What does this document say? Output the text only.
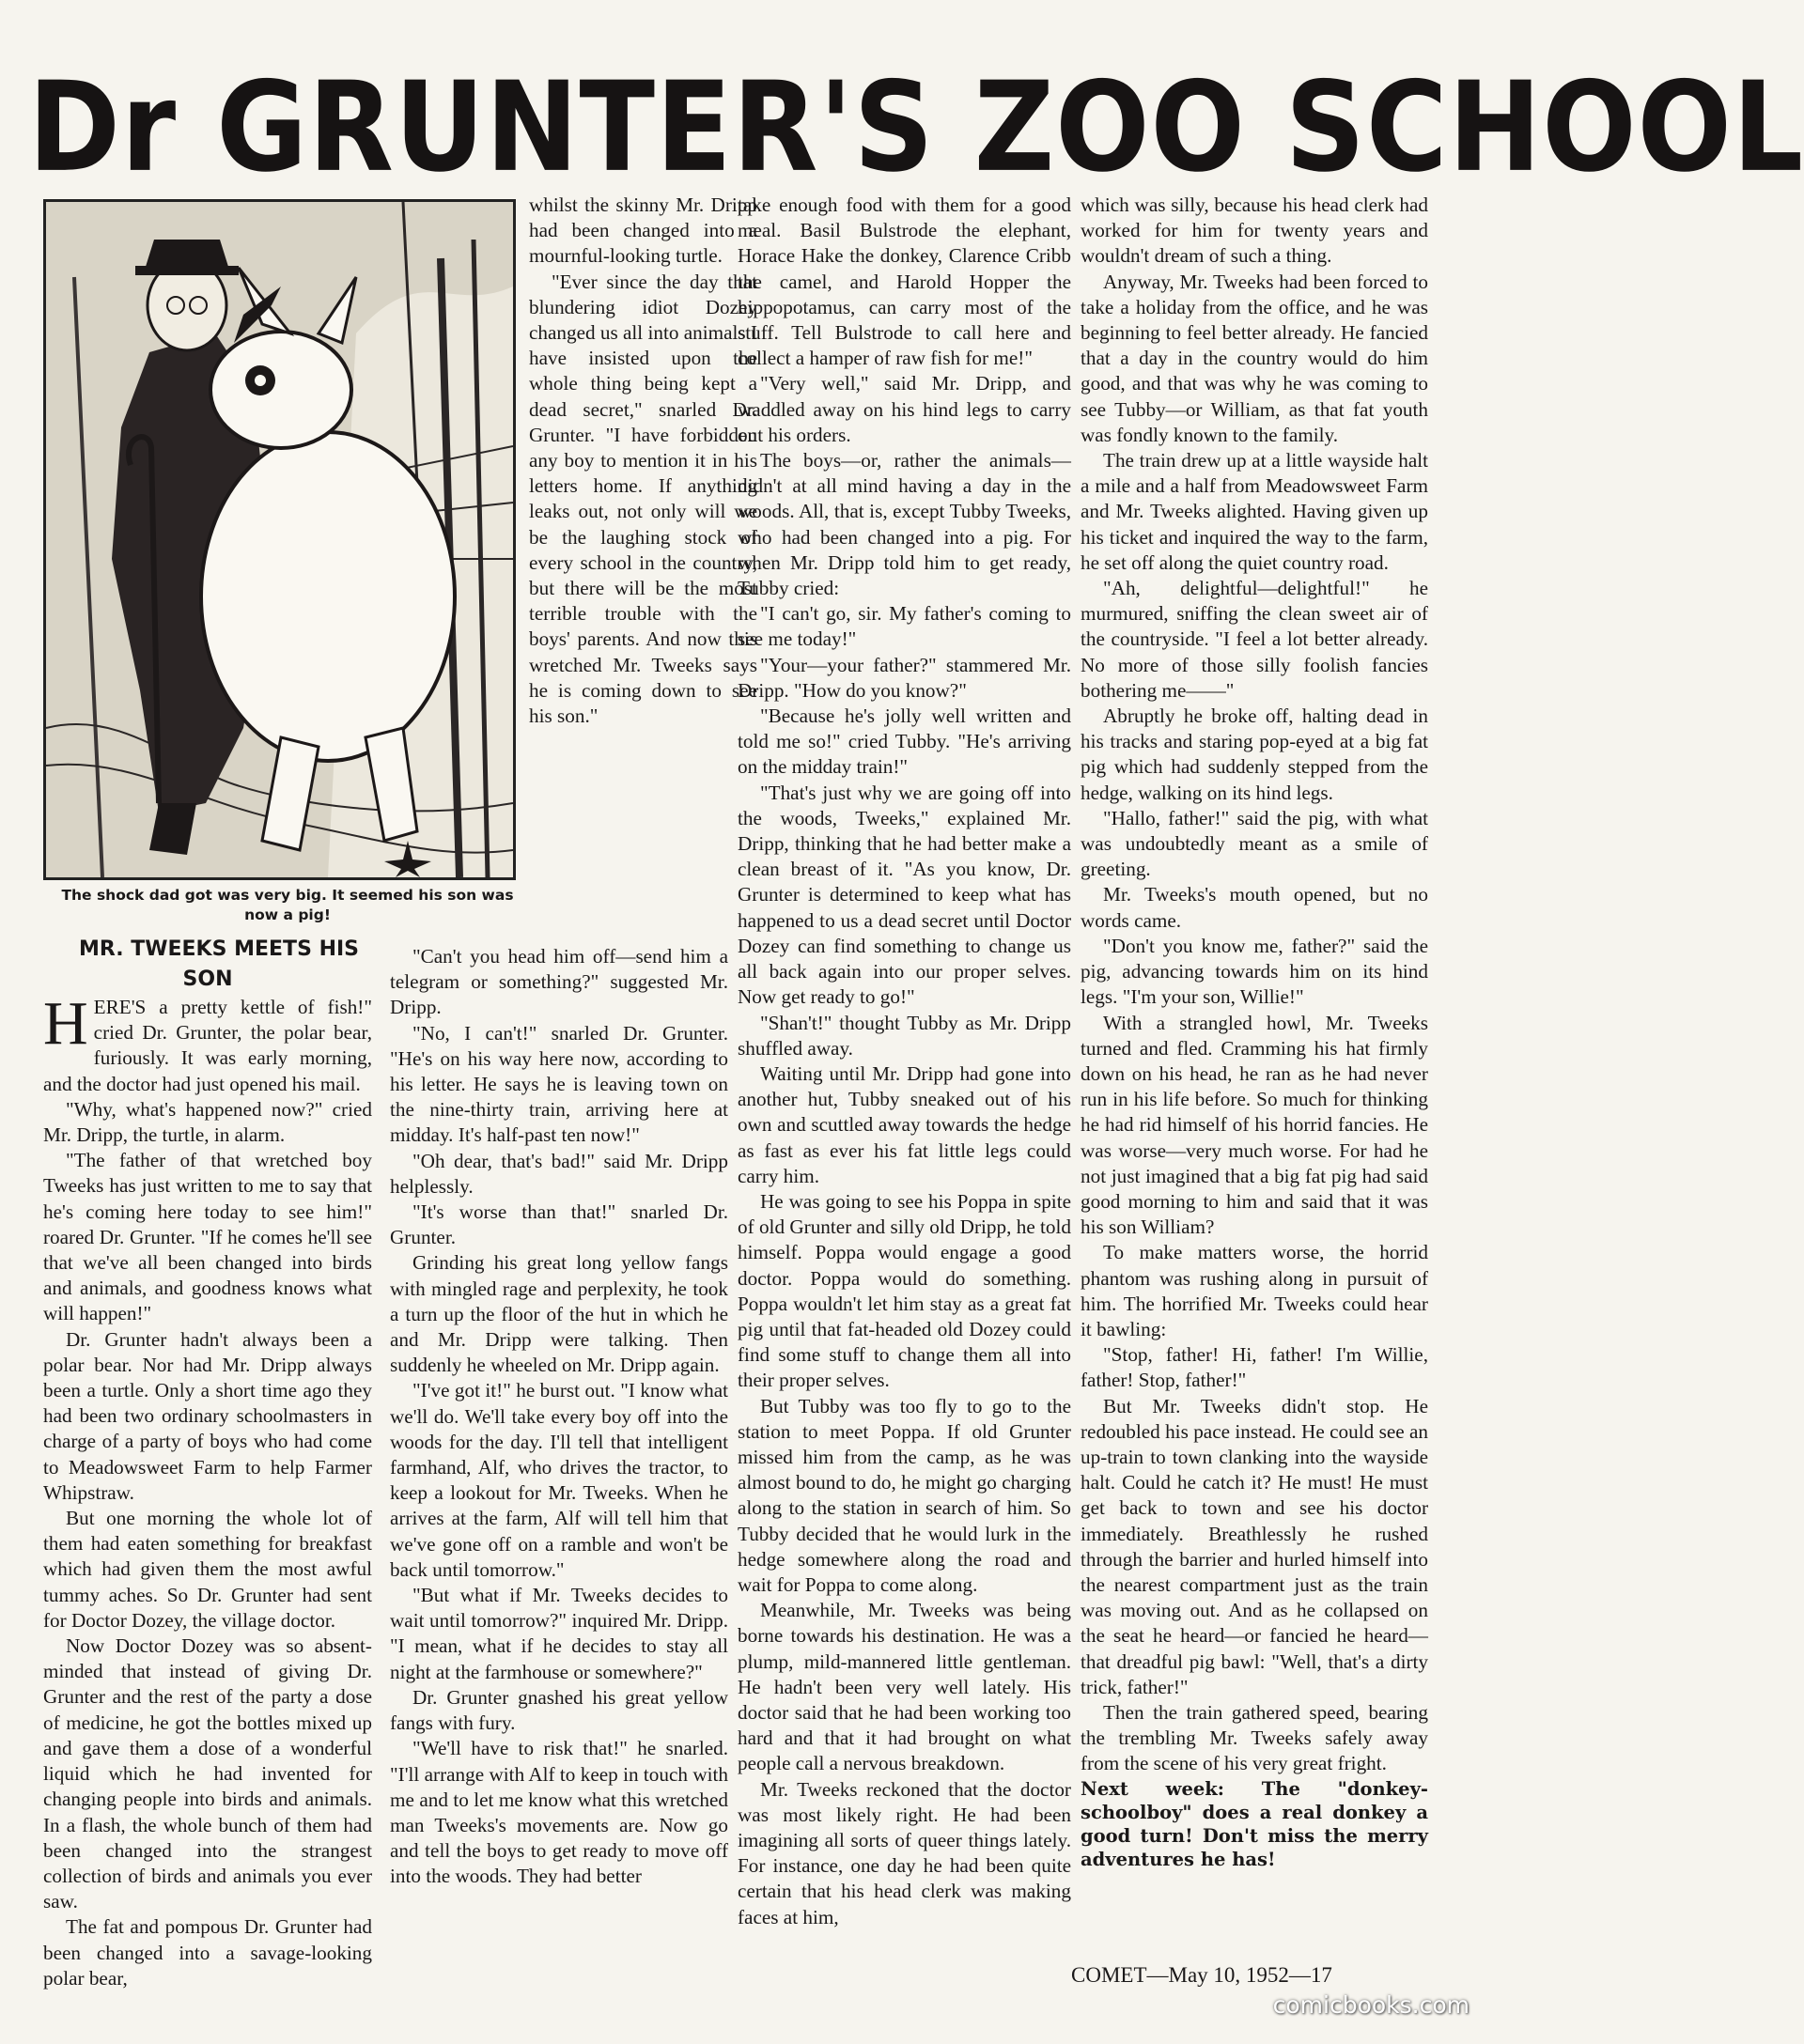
Dr GRUNTER'S ZOO SCHOOL
The shock dad got was very big. It seemed his son was now a pig!

MR. TWEEKS MEETS HIS SON

HERE'S a pretty kettle of fish!" cried Dr. Grunter, the polar bear, furiously. It was early morning, and the doctor had just opened his mail.

"Why, what's happened now?" cried Mr. Dripp, the turtle, in alarm.

"The father of that wretched boy Tweeks has just written to me to say that he's coming here today to see him!" roared Dr. Grunter. "If he comes he'll see that we've all been changed into birds and animals, and goodness knows what will happen!"

Dr. Grunter hadn't always been a polar bear. Nor had Mr. Dripp always been a turtle. Only a short time ago they had been two ordinary schoolmasters in charge of a party of boys who had come to Meadowsweet Farm to help Farmer Whipstraw.

But one morning the whole lot of them had eaten something for breakfast which had given them the most awful tummy aches. So Dr. Grunter had sent for Doctor Dozey, the village doctor.

Now Doctor Dozey was so absent-minded that instead of giving Dr. Grunter and the rest of the party a dose of medicine, he got the bottles mixed up and gave them a dose of a wonderful liquid which he had invented for changing people into birds and animals. In a flash, the whole bunch of them had been changed into the strangest collection of birds and animals you ever saw.

The fat and pompous Dr. Grunter had been changed into a savage-looking polar bear,

whilst the skinny Mr. Dripp had been changed into a mournful-looking turtle.

"Ever since the day that blundering idiot Dozey changed us all into animals I have insisted upon the whole thing being kept a dead secret," snarled Dr. Grunter. "I have forbidden any boy to mention it in his letters home. If anything leaks out, not only will we be the laughing stock of every school in the country, but there will be the most terrible trouble with the boys' parents. And now this wretched Mr. Tweeks says he is coming down to see his son."

"Can't you head him off—send him a telegram or something?" suggested Mr. Dripp.

"No, I can't!" snarled Dr. Grunter. "He's on his way here now, according to his letter. He says he is leaving town on the nine-thirty train, arriving here at midday. It's half-past ten now!"

"Oh dear, that's bad!" said Mr. Dripp helplessly.

"It's worse than that!" snarled Dr. Grunter.

Grinding his great long yellow fangs with mingled rage and perplexity, he took a turn up the floor of the hut in which he and Mr. Dripp were talking. Then suddenly he wheeled on Mr. Dripp again.

"I've got it!" he burst out. "I know what we'll do. We'll take every boy off into the woods for the day. I'll tell that intelligent farmhand, Alf, who drives the tractor, to keep a lookout for Mr. Tweeks. When he arrives at the farm, Alf will tell him that we've gone off on a ramble and won't be back until tomorrow."

"But what if Mr. Tweeks decides to wait until tomorrow?" inquired Mr. Dripp. "I mean, what if he decides to stay all night at the farmhouse or somewhere?"

Dr. Grunter gnashed his great yellow fangs with fury.

"We'll have to risk that!" he snarled. "I'll arrange with Alf to keep in touch with me and to let me know what this wretched man Tweeks's movements are. Now go and tell the boys to get ready to move off into the woods. They had better

take enough food with them for a good meal. Basil Bulstrode the elephant, Horace Hake the donkey, Clarence Cribb the camel, and Harold Hopper the hippopotamus, can carry most of the stuff. Tell Bulstrode to call here and collect a hamper of raw fish for me!"

"Very well," said Mr. Dripp, and waddled away on his hind legs to carry out his orders.

The boys—or, rather the animals—didn't at all mind having a day in the woods. All, that is, except Tubby Tweeks, who had been changed into a pig. For when Mr. Dripp told him to get ready, Tubby cried:

"I can't go, sir. My father's coming to see me today!"

"Your—your father?" stammered Mr. Dripp. "How do you know?"

"Because he's jolly well written and told me so!" cried Tubby. "He's arriving on the midday train!"

"That's just why we are going off into the woods, Tweeks," explained Mr. Dripp, thinking that he had better make a clean breast of it. "As you know, Dr. Grunter is determined to keep what has happened to us a dead secret until Doctor Dozey can find something to change us all back again into our proper selves. Now get ready to go!"

"Shan't!" thought Tubby as Mr. Dripp shuffled away.

Waiting until Mr. Dripp had gone into another hut, Tubby sneaked out of his own and scuttled away towards the hedge as fast as ever his fat little legs could carry him.

He was going to see his Poppa in spite of old Grunter and silly old Dripp, he told himself. Poppa would engage a good doctor. Poppa would do something. Poppa wouldn't let him stay as a great fat pig until that fat-headed old Dozey could find some stuff to change them all into their proper selves.

But Tubby was too fly to go to the station to meet Poppa. If old Grunter missed him from the camp, as he was almost bound to do, he might go charging along to the station in search of him. So Tubby decided that he would lurk in the hedge somewhere along the road and wait for Poppa to come along.

Meanwhile, Mr. Tweeks was being borne towards his destination. He was a plump, mild-mannered little gentleman. He hadn't been very well lately. His doctor said that he had been working too hard and that it had brought on what people call a nervous breakdown.

Mr. Tweeks reckoned that the doctor was most likely right. He had been imagining all sorts of queer things lately. For instance, one day he had been quite certain that his head clerk was making faces at him,

which was silly, because his head clerk had worked for him for twenty years and wouldn't dream of such a thing.

Anyway, Mr. Tweeks had been forced to take a holiday from the office, and he was beginning to feel better already. He fancied that a day in the country would do him good, and that was why he was coming to see Tubby—or William, as that fat youth was fondly known to the family.

The train drew up at a little wayside halt a mile and a half from Meadowsweet Farm and Mr. Tweeks alighted. Having given up his ticket and inquired the way to the farm, he set off along the quiet country road.

"Ah, delightful—delightful!" he murmured, sniffing the clean sweet air of the countryside. "I feel a lot better already. No more of those silly foolish fancies bothering me——"

Abruptly he broke off, halting dead in his tracks and staring pop-eyed at a big fat pig which had suddenly stepped from the hedge, walking on its hind legs.

"Hallo, father!" said the pig, with what was undoubtedly meant as a smile of greeting.

Mr. Tweeks's mouth opened, but no words came.

"Don't you know me, father?" said the pig, advancing towards him on its hind legs. "I'm your son, Willie!"

With a strangled howl, Mr. Tweeks turned and fled. Cramming his hat firmly down on his head, he ran as he had never run in his life before. So much for thinking he had rid himself of his horrid fancies. He was worse—very much worse. For had he not just imagined that a big fat pig had said good morning to him and said that it was his son William?

To make matters worse, the horrid phantom was rushing along in pursuit of him. The horrified Mr. Tweeks could hear it bawling:

"Stop, father! Hi, father! I'm Willie, father! Stop, father!"

But Mr. Tweeks didn't stop. He redoubled his pace instead. He could see an up-train to town clanking into the wayside halt. Could he catch it? He must! He must get back to town and see his doctor immediately. Breathlessly he rushed through the barrier and hurled himself into the nearest compartment just as the train was moving out. And as he collapsed on the seat he heard—or fancied he heard—that dreadful pig bawl: "Well, that's a dirty trick, father!"

Then the train gathered speed, bearing the trembling Mr. Tweeks safely away from the scene of his very great fright.

Next week: The "donkey-schoolboy" does a real donkey a good turn! Don't miss the merry adventures he has!

COMET—May 10, 1952—17
comicbooks.com
